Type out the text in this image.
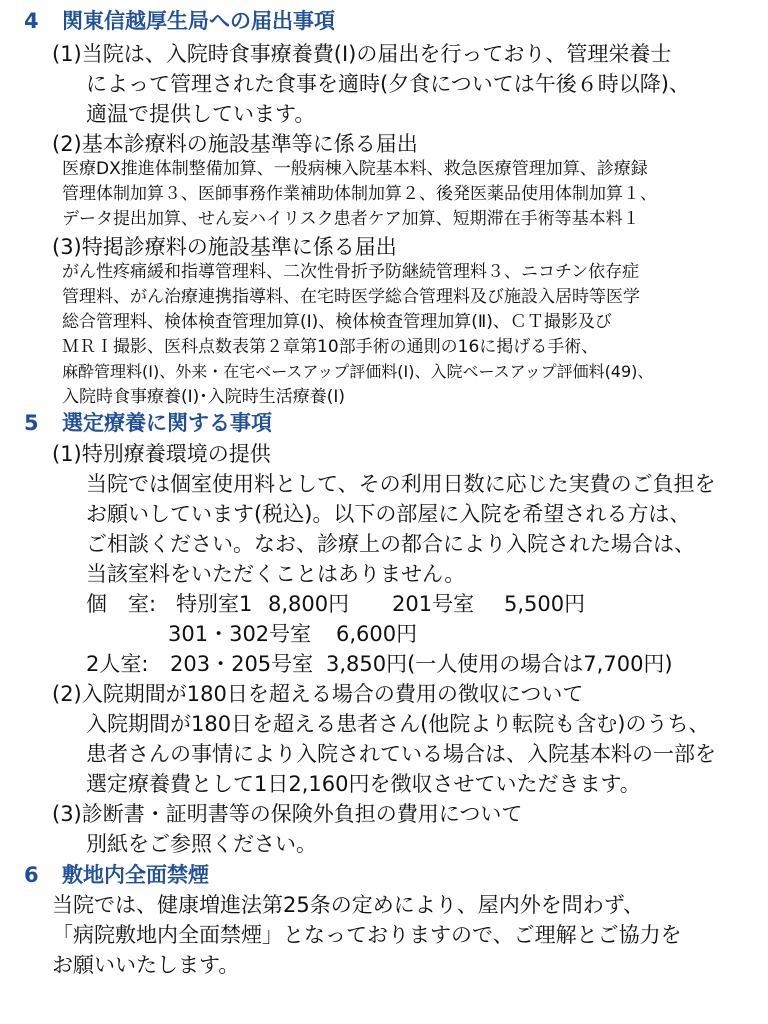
4 関東信越厚生局への届出事項
(1)当院は、入院時食事療養費(Ⅰ)の届出を行っており、管理栄養士
によって管理された食事を適時(夕食については午後６時以降)、
適温で提供しています。
(2)基本診療料の施設基準等に係る届出
医療DX推進体制整備加算、一般病棟入院基本料、救急医療管理加算、診療録
管理体制加算３、医師事務作業補助体制加算２、後発医薬品使用体制加算１、
データ提出加算、せん妄ハイリスク患者ケア加算、短期滞在手術等基本料１
(3)特掲診療料の施設基準に係る届出
がん性疼痛緩和指導管理料、二次性骨折予防継続管理料３、ニコチン依存症
管理料、がん治療連携指導料、在宅時医学総合管理料及び施設入居時等医学
総合管理料、検体検査管理加算(Ⅰ)、検体検査管理加算(Ⅱ)、ＣＴ撮影及び
ＭＲＩ撮影、医科点数表第２章第10部手術の通則の16に掲げる手術、
麻酔管理料(Ⅰ)、外来・在宅ベースアップ評価料(Ⅰ)、入院ベースアップ評価料(49)、
入院時食事療養(Ⅰ)･入院時生活療養(Ⅰ)
5 選定療養に関する事項
(1)特別療養環境の提供
当院では個室使用料として、その利用日数に応じた実費のご負担を
お願いしています(税込)。以下の部屋に入院を希望される方は、
ご相談ください。なお、診療上の都合により入院された場合は、
当該室料をいただくことはありません。
個　室: 特別室1 8,800円 201号室 5,500円
301・302号室 6,600円
2人室: 203・205号室 3,850円(一人使用の場合は7,700円)
(2)入院期間が180日を超える場合の費用の徴収について
入院期間が180日を超える患者さん(他院より転院も含む)のうち、
患者さんの事情により入院されている場合は、入院基本料の一部を
選定療養費として1日2,160円を徴収させていただきます。
(3)診断書・証明書等の保険外負担の費用について
別紙をご参照ください。
6 敷地内全面禁煙
当院では、健康増進法第25条の定めにより、屋内外を問わず、
「病院敷地内全面禁煙」となっておりますので、ご理解とご協力を
お願いいたします。
